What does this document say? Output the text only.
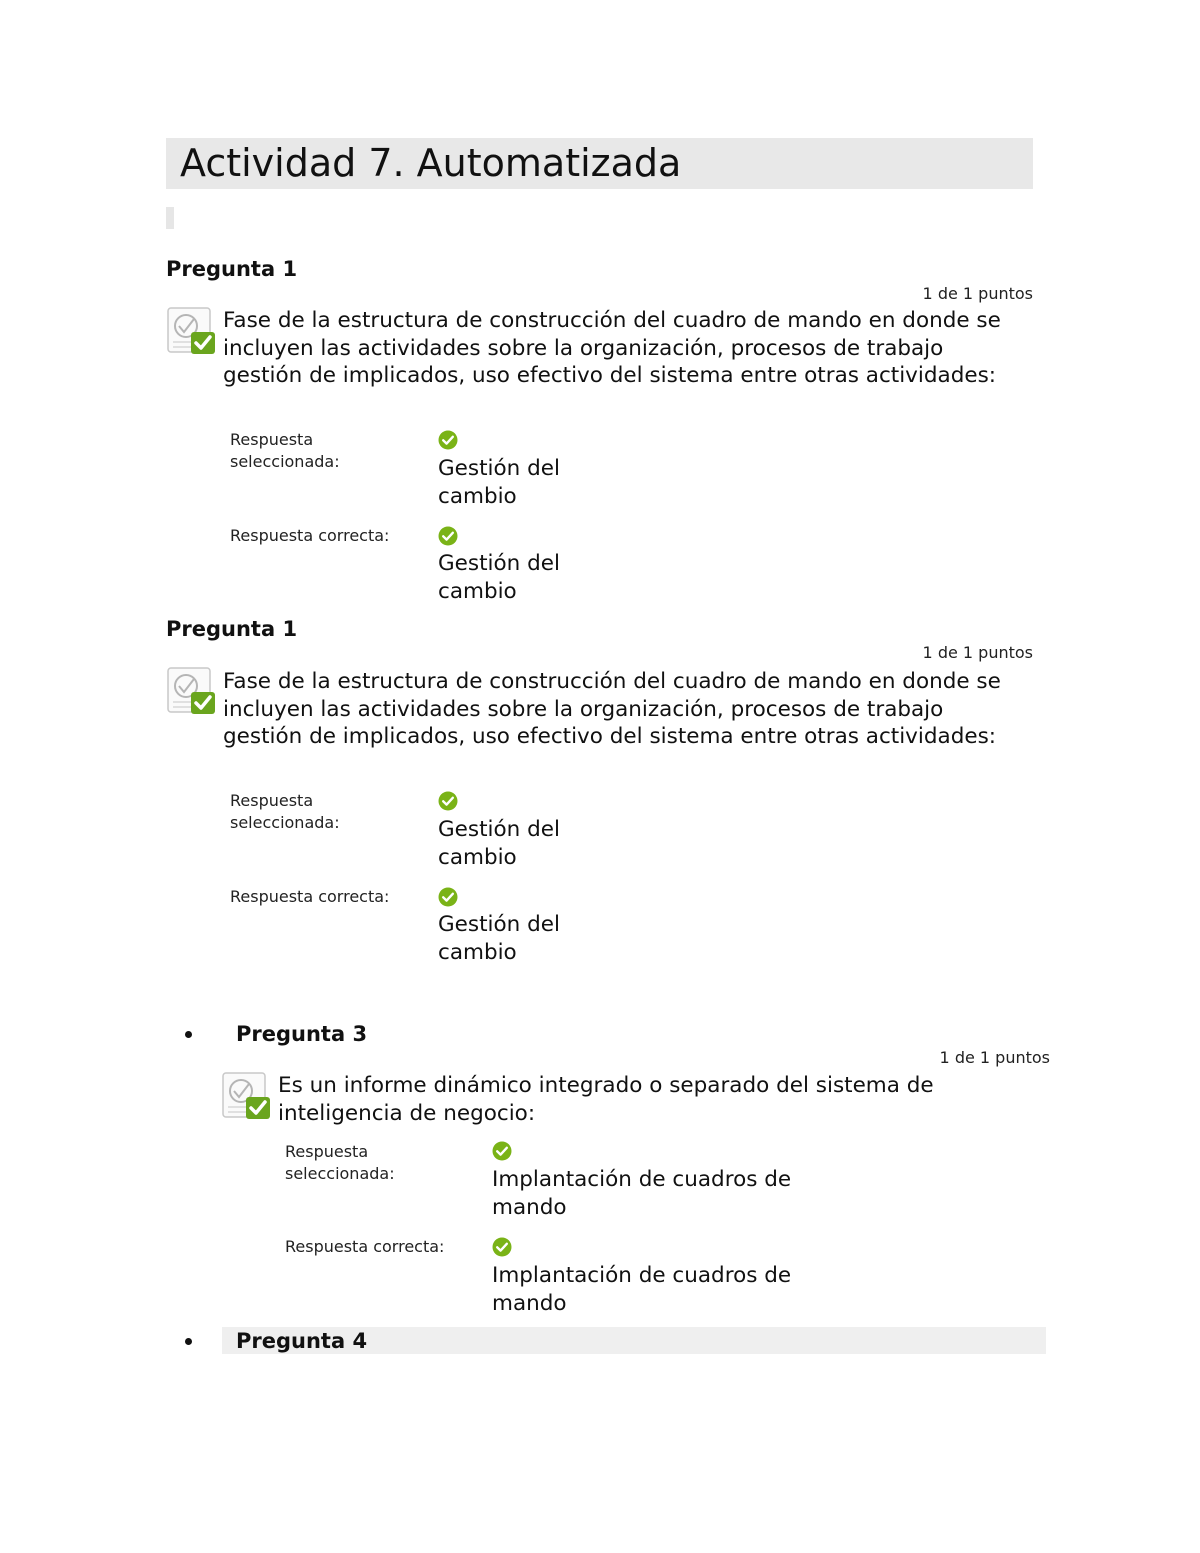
Actividad 7. Automatizada
Pregunta 1
1 de 1 puntos

Fase de la estructura de construcción del cuadro de mando en donde se incluyen las actividades sobre la organización, procesos de trabajo gestión de implicados, uso efectivo del sistema entre otras actividades:

Respuesta seleccionada:	Gestión del cambio
Respuesta correcta:
Gestión del cambio
Pregunta 1
1 de 1 puntos

Fase de la estructura de construcción del cuadro de mando en donde se incluyen las actividades sobre la organización, procesos de trabajo gestión de implicados, uso efectivo del sistema entre otras actividades:

Respuesta seleccionada:	Gestión del cambio
Respuesta correcta:
Gestión del cambio
Pregunta 3
1 de 1 puntos

Es un informe dinámico integrado o separado del sistema de inteligencia de negocio:

Respuesta seleccionada:	Implantación de cuadros de mando
Respuesta correcta:
Implantación de cuadros de mando
Pregunta 4
